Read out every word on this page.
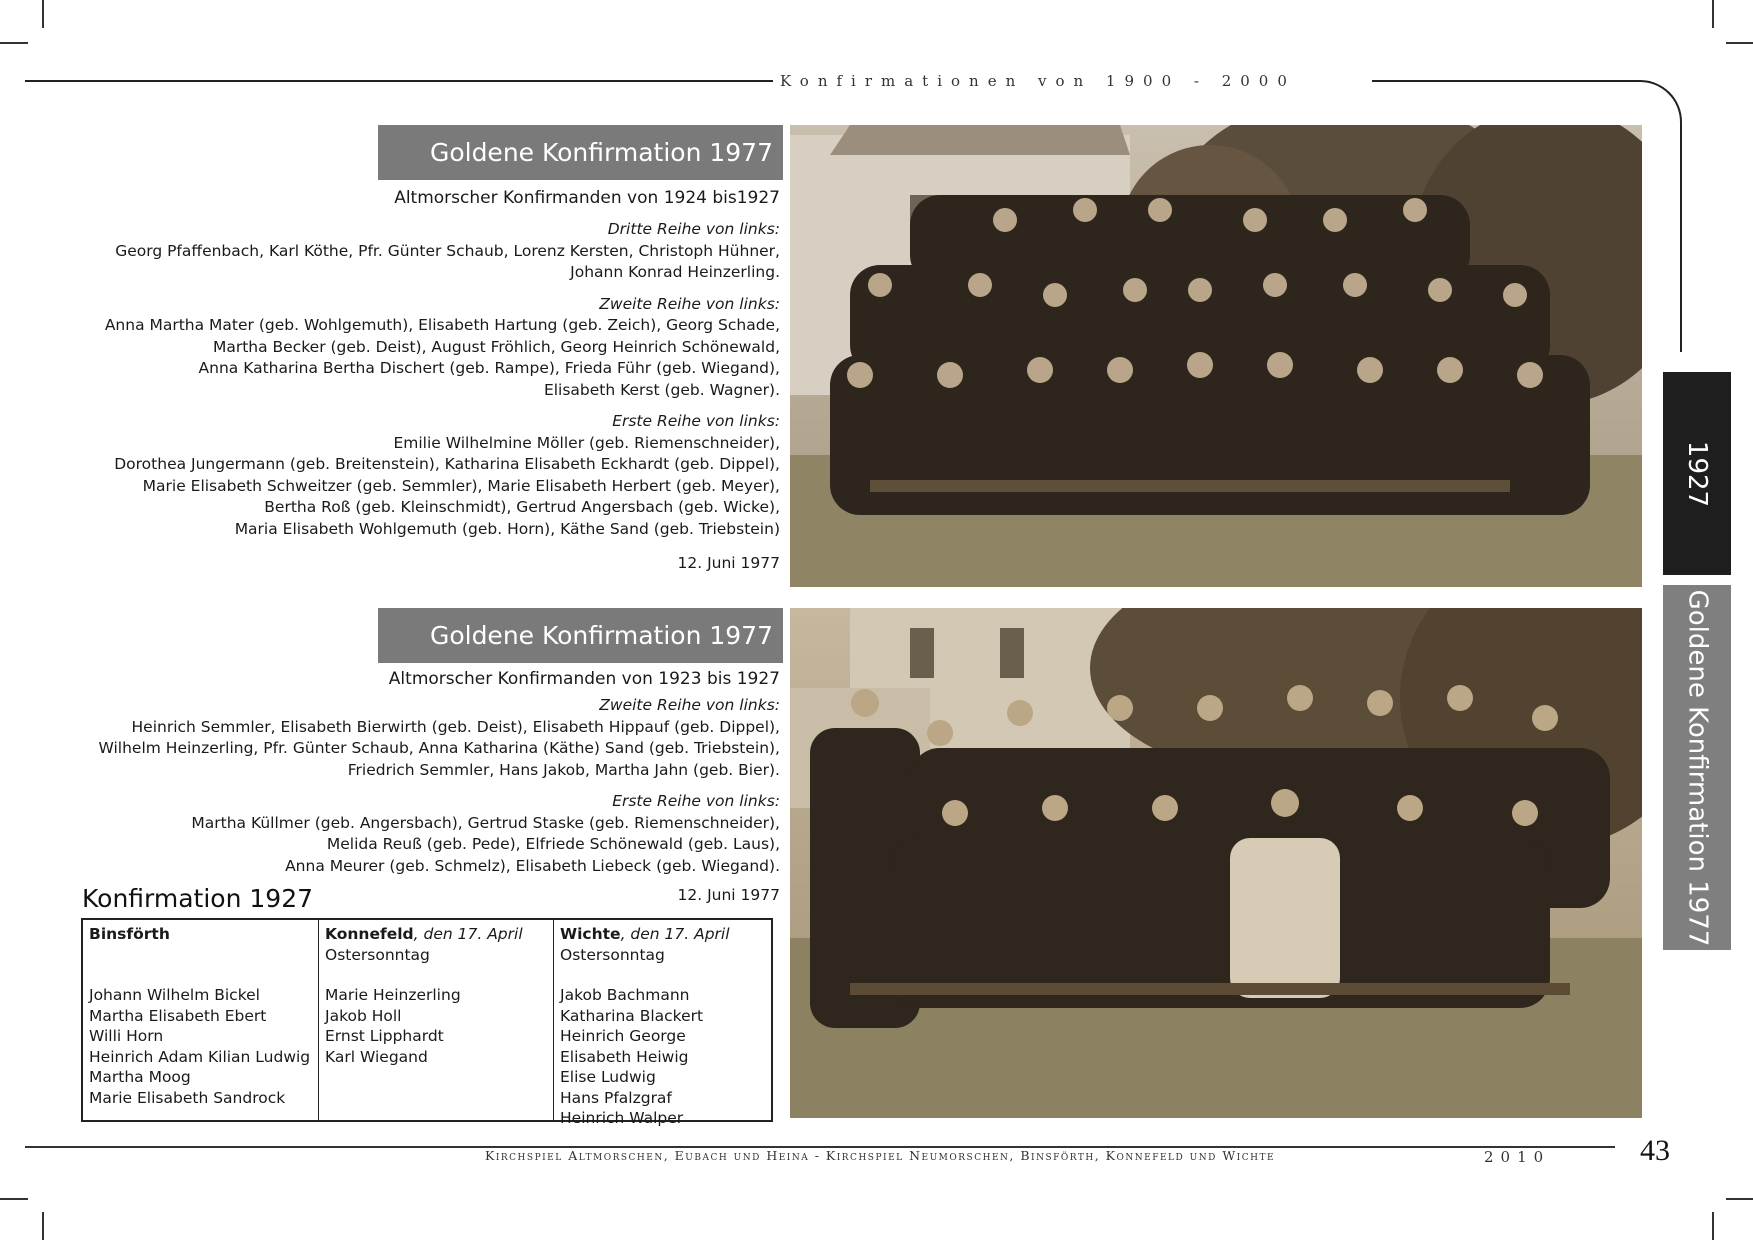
Konfirmationen von 1900 - 2000
Goldene Konfirmation 1977
Altmorscher Konfirmanden von 1924 bis1927
Dritte Reihe von links:
Georg Pfaffenbach, Karl Köthe, Pfr. Günter Schaub, Lorenz Kersten, Christoph Hühner,
Johann Konrad Heinzerling.
Zweite Reihe von links:
Anna Martha Mater (geb. Wohlgemuth), Elisabeth Hartung (geb. Zeich), Georg Schade,
Martha Becker (geb. Deist), August Fröhlich, Georg Heinrich Schönewald,
Anna Katharina Bertha Dischert (geb. Rampe), Frieda Führ (geb. Wiegand),
Elisabeth Kerst (geb. Wagner).
Erste Reihe von links:
Emilie Wilhelmine Möller (geb. Riemenschneider),
Dorothea Jungermann (geb. Breitenstein), Katharina Elisabeth Eckhardt (geb. Dippel),
Marie Elisabeth Schweitzer (geb. Semmler), Marie Elisabeth Herbert (geb. Meyer),
Bertha Roß (geb. Kleinschmidt), Gertrud Angersbach (geb. Wicke),
Maria Elisabeth Wohlgemuth (geb. Horn), Käthe Sand (geb. Triebstein)
12. Juni 1977
Goldene Konfirmation 1977
Altmorscher Konfirmanden von 1923 bis 1927
Zweite Reihe von links:
Heinrich Semmler, Elisabeth Bierwirth (geb. Deist), Elisabeth Hippauf (geb. Dippel),
Wilhelm Heinzerling, Pfr. Günter Schaub, Anna Katharina (Käthe) Sand (geb. Triebstein),
Friedrich Semmler, Hans Jakob, Martha Jahn (geb. Bier).
Erste Reihe von links:
Martha Küllmer (geb. Angersbach), Gertrud Staske (geb. Riemenschneider),
Melida Reuß (geb. Pede), Elfriede Schönewald (geb. Laus),
Anna Meurer (geb. Schmelz), Elisabeth Liebeck (geb. Wiegand).
12. Juni 1977
1927
Goldene Konfirmation 1977
Konfirmation 1927
Binsförth
Johann Wilhelm Bickel
Martha Elisabeth Ebert
Willi Horn
Heinrich Adam Kilian Ludwig
Martha Moog
Marie Elisabeth Sandrock
Konnefeld, den 17. April
Ostersonntag
Marie Heinzerling
Jakob Holl
Ernst Lipphardt
Karl Wiegand
Wichte, den 17. April
Ostersonntag
Jakob Bachmann
Katharina Blackert
Heinrich George
Elisabeth Heiwig
Elise Ludwig
Hans Pfalzgraf
Heinrich Walper
Kirchspiel Altmorschen, Eubach und Heina - Kirchspiel Neumorschen, Binsförth, Konnefeld und Wichte	2010	43
